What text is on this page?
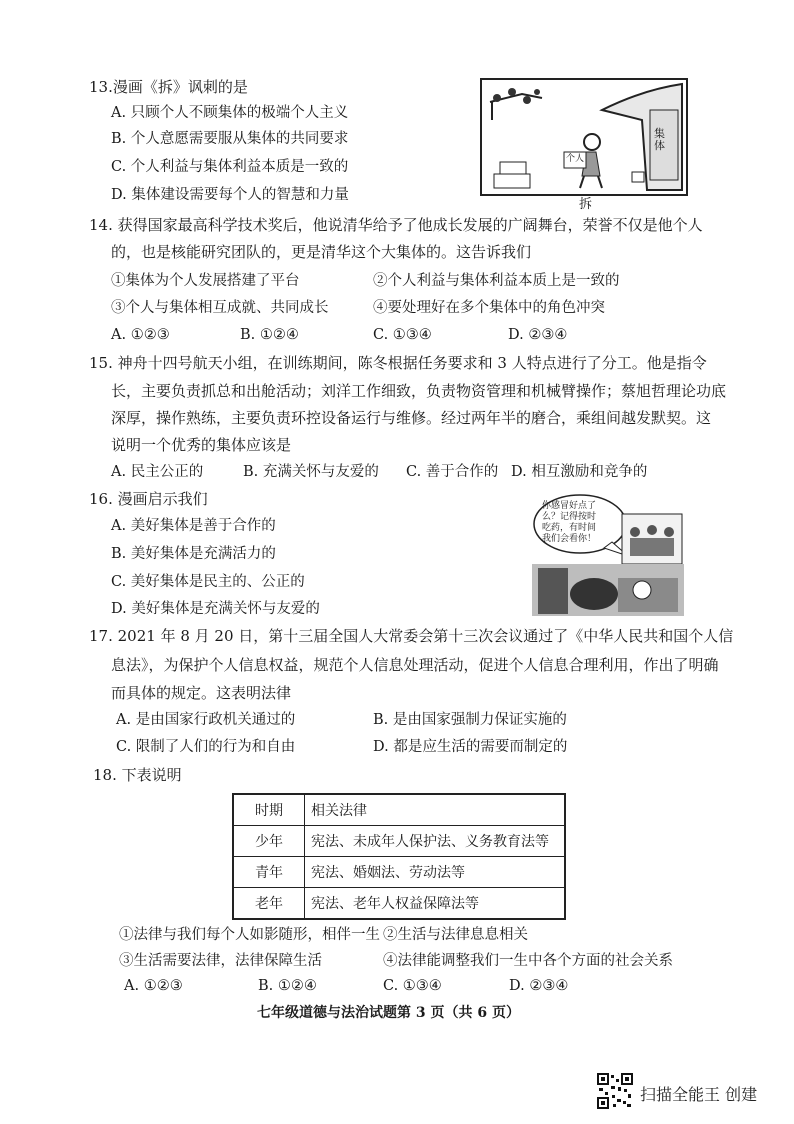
13.漫画《拆》讽刺的是
A. 只顾个人不顾集体的极端个人主义
B. 个人意愿需要服从集体的共同要求
C. 个人利益与集体利益本质是一致的
D. 集体建设需要每个人的智慧和力量
集体
个人
拆
14. 获得国家最高科学技术奖后，他说清华给予了他成长发展的广阔舞台，荣誉不仅是他个人
的，也是核能研究团队的，更是清华这个大集体的。这告诉我们
①集体为个人发展搭建了平台	②个人利益与集体利益本质上是一致的
③个人与集体相互成就、共同成长	④要处理好在多个集体中的角色冲突
A. ①②③	B. ①②④	C. ①③④	D. ②③④
15. 神舟十四号航天小组，在训练期间，陈冬根据任务要求和 3 人特点进行了分工。他是指令
长，主要负责抓总和出舱活动；刘洋工作细致，负责物资管理和机械臂操作；蔡旭哲理论功底
深厚，操作熟练，主要负责环控设备运行与维修。经过两年半的磨合，乘组间越发默契。这
说明一个优秀的集体应该是
A. 民主公正的	B. 充满关怀与友爱的 C. 善于合作的 D. 相互激励和竞争的
16. 漫画启示我们
A. 美好集体是善于合作的
B. 美好集体是充满活力的
C. 美好集体是民主的、公正的
D. 美好集体是充满关怀与友爱的
你感冒好点了
么？记得按时
吃药，有时间
我们会看你！
17. 2021 年 8 月 20 日，第十三届全国人大常委会第十三次会议通过了《中华人民共和国个人信
息法》，为保护个人信息权益，规范个人信息处理活动，促进个人信息合理利用，作出了明确
而具体的规定。这表明法律
A. 是由国家行政机关通过的	B. 是由国家强制力保证实施的
C. 限制了人们的行为和自由	D. 都是应生活的需要而制定的
18. 下表说明
时期	相关法律
少年	宪法、未成年人保护法、义务教育法等
青年	宪法、婚姻法、劳动法等
老年	宪法、老年人权益保障法等
①法律与我们每个人如影随形，相伴一生 ②生活与法律息息相关
③生活需要法律，法律保障生活	④法律能调整我们一生中各个方面的社会关系
A. ①②③	B. ①②④	C. ①③④	D. ②③④
七年级道德与法治试题第 3 页（共 6 页）
扫描全能王 创建
